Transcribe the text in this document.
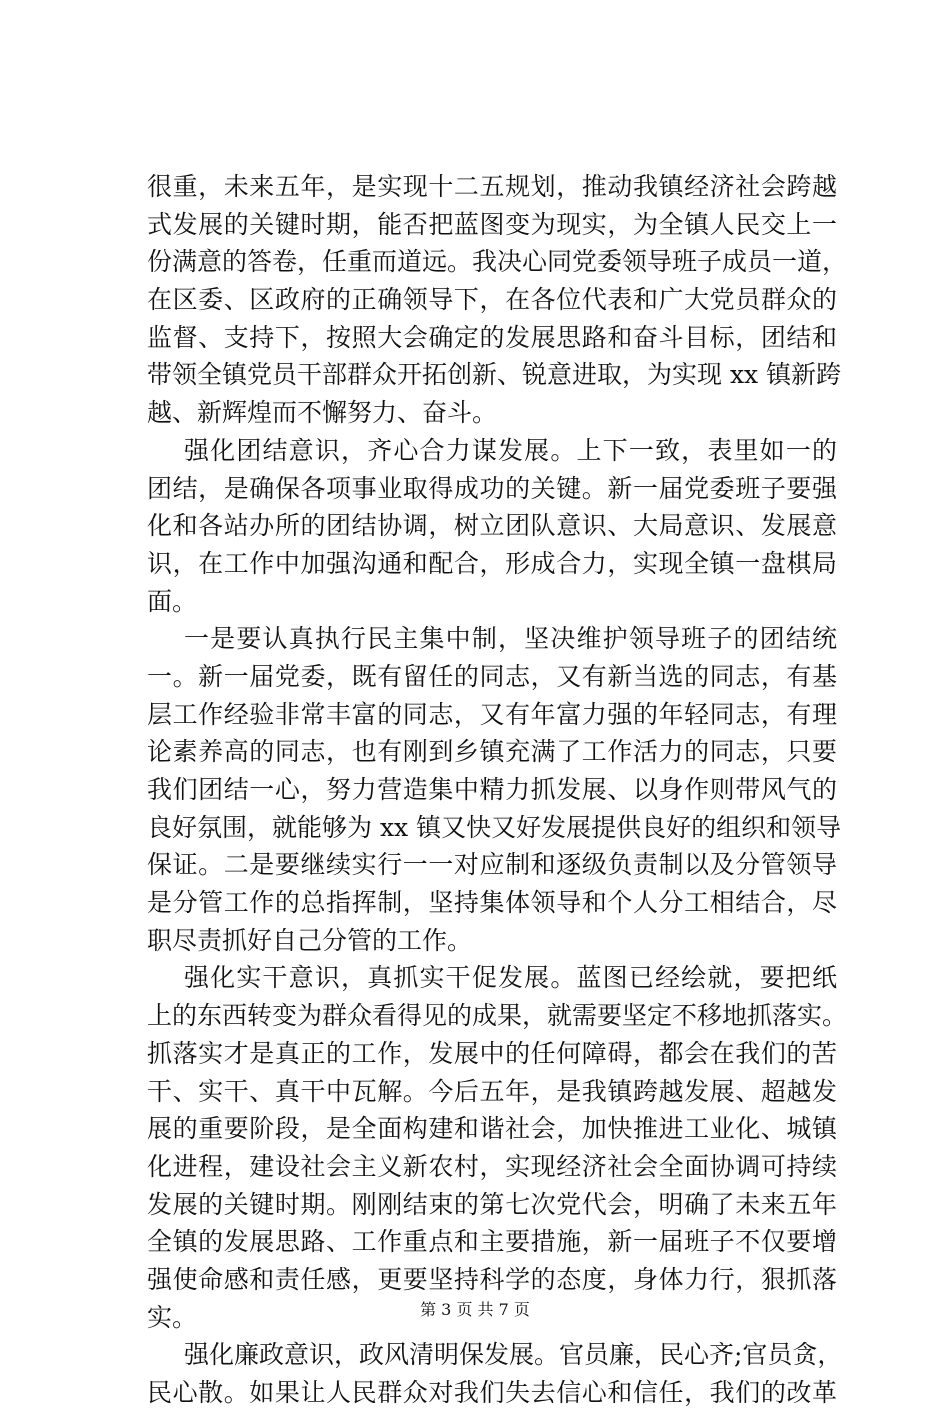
很重，未来五年，是实现十二五规划，推动我镇经济社会跨越
式发展的关键时期，能否把蓝图变为现实，为全镇人民交上一
份满意的答卷，任重而道远。我决心同党委领导班子成员一道，
在区委、区政府的正确领导下，在各位代表和广大党员群众的
监督、支持下，按照大会确定的发展思路和奋斗目标，团结和
带领全镇党员干部群众开拓创新、锐意进取，为实现 xx 镇新跨
越、新辉煌而不懈努力、奋斗。
强化团结意识，齐心合力谋发展。上下一致，表里如一的
团结，是确保各项事业取得成功的关键。新一届党委班子要强
化和各站办所的团结协调，树立团队意识、大局意识、发展意
识，在工作中加强沟通和配合，形成合力，实现全镇一盘棋局
面。
一是要认真执行民主集中制，坚决维护领导班子的团结统
一。新一届党委，既有留任的同志，又有新当选的同志，有基
层工作经验非常丰富的同志，又有年富力强的年轻同志，有理
论素养高的同志，也有刚到乡镇充满了工作活力的同志，只要
我们团结一心，努力营造集中精力抓发展、以身作则带风气的
良好氛围，就能够为 xx 镇又快又好发展提供良好的组织和领导
保证。二是要继续实行一一对应制和逐级负责制以及分管领导
是分管工作的总指挥制，坚持集体领导和个人分工相结合，尽
职尽责抓好自己分管的工作。
强化实干意识，真抓实干促发展。蓝图已经绘就，要把纸
上的东西转变为群众看得见的成果，就需要坚定不移地抓落实。
抓落实才是真正的工作，发展中的任何障碍，都会在我们的苦
干、实干、真干中瓦解。今后五年，是我镇跨越发展、超越发
展的重要阶段，是全面构建和谐社会，加快推进工业化、城镇
化进程，建设社会主义新农村，实现经济社会全面协调可持续
发展的关键时期。刚刚结束的第七次党代会，明确了未来五年
全镇的发展思路、工作重点和主要措施，新一届班子不仅要增
强使命感和责任感，更要坚持科学的态度，身体力行，狠抓落
实。
强化廉政意识，政风清明保发展。官员廉，民心齐;官员贪，
民心散。如果让人民群众对我们失去信心和信任，我们的改革
第 3 页 共 7 页
